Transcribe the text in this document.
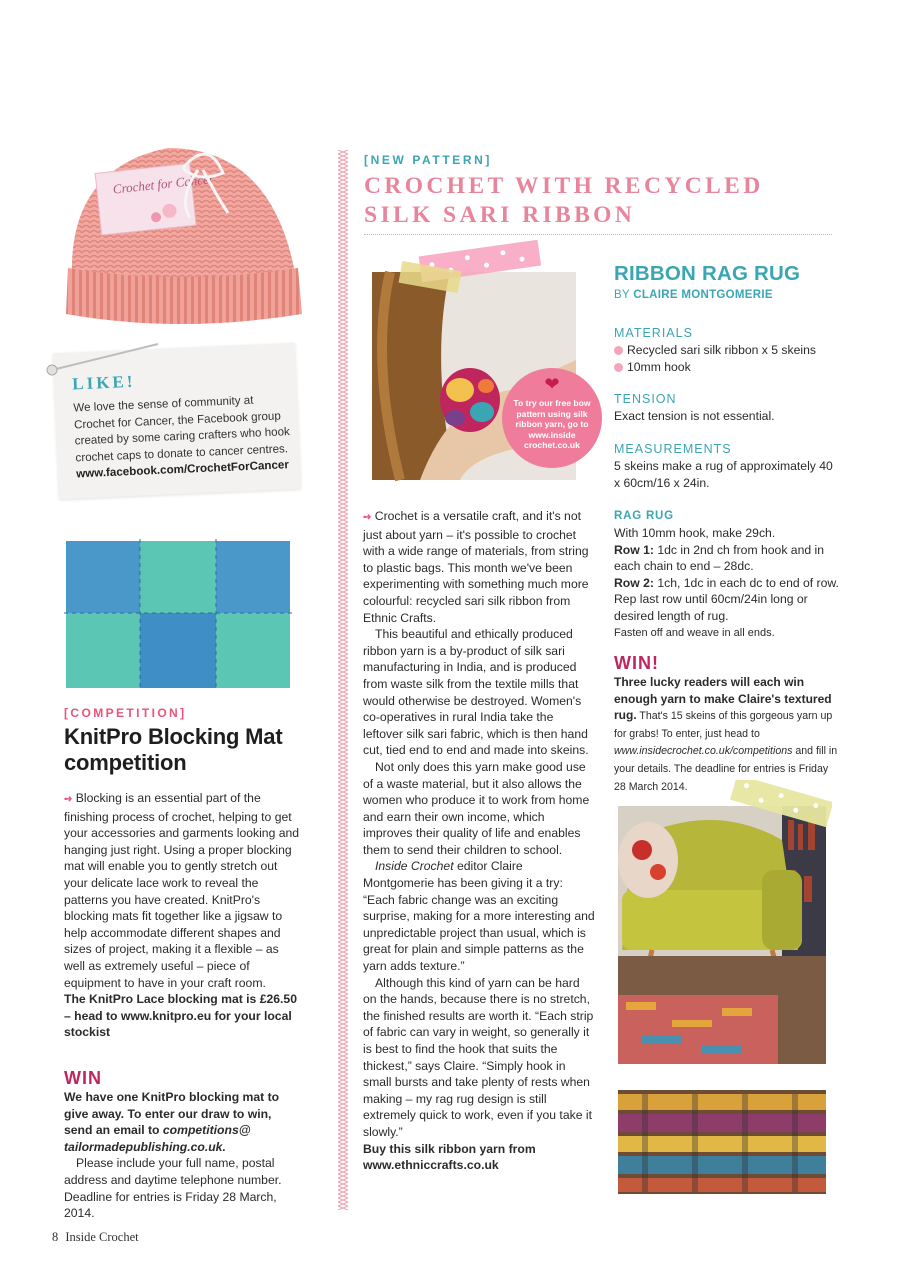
Crochet for Cancer
LIKE!
We love the sense of community at Crochet for Cancer, the Facebook group created by some caring crafters who hook crochet caps to donate to cancer centres. www.facebook.com/CrochetForCancer
[COMPETITION]
KnitPro Blocking Mat competition

➺ Blocking is an essential part of the finishing process of crochet, helping to get your accessories and garments looking and hanging just right. Using a proper blocking mat will enable you to gently stretch out your delicate lace work to reveal the patterns you have created. KnitPro's blocking mats fit together like a jigsaw to help accommodate different shapes and sizes of project, making it a flexible – as well as extremely useful – piece of equipment to have in your craft room.

The KnitPro Lace blocking mat is £26.50 – head to www.knitpro.eu for your local stockist

WIN

We have one KnitPro blocking mat to give away. To enter our draw to win, send an email to competitions@ tailormadepublishing.co.uk.

Please include your full name, postal address and daytime telephone number. Deadline for entries is Friday 28 March, 2014.

[NEW PATTERN]
CROCHET WITH RECYCLED SILK SARI RIBBON
❤
To try our free bow pattern using silk ribbon yarn, go to www.inside crochet.co.uk

➺ Crochet is a versatile craft, and it's not just about yarn – it's possible to crochet with a wide range of materials, from string to plastic bags. This month we've been experimenting with something much more colourful: recycled sari silk ribbon from Ethnic Crafts.

This beautiful and ethically produced ribbon yarn is a by-product of silk sari manufacturing in India, and is produced from waste silk from the textile mills that would otherwise be destroyed. Women's co-operatives in rural India take the leftover silk sari fabric, which is then hand cut, tied end to end and made into skeins.

Not only does this yarn make good use of a waste material, but it also allows the women who produce it to work from home and earn their own income, which improves their quality of life and enables them to send their children to school.

Inside Crochet editor Claire Montgomerie has been giving it a try: “Each fabric change was an exciting surprise, making for a more interesting and unpredictable project than usual, which is great for plain and simple patterns as the yarn adds texture.”

Although this kind of yarn can be hard on the hands, because there is no stretch, the finished results are worth it. “Each strip of fabric can vary in weight, so generally it is best to find the hook that suits the thickest,” says Claire. “Simply hook in small bursts and take plenty of rests when making – my rag rug design is still extremely quick to work, even if you take it slowly.”

Buy this silk ribbon yarn from www.ethniccrafts.co.uk

RIBBON RAG RUG
BY CLAIRE MONTGOMERIE
MATERIALS
Recycled sari silk ribbon x 5 skeins
10mm hook
TENSION
Exact tension is not essential.
MEASUREMENTS
5 skeins make a rug of approximately 40 x 60cm/16 x 24in.
RAG RUG

With 10mm hook, make 29ch.

Row 1: 1dc in 2nd ch from hook and in each chain to end – 28dc.

Row 2: 1ch, 1dc in each dc to end of row.

Rep last row until 60cm/24in long or desired length of rug.

Fasten off and weave in all ends.

WIN!
Three lucky readers will each win enough yarn to make Claire's textured rug. That's 15 skeins of this gorgeous yarn up for grabs! To enter, just head to www.insidecrochet.co.uk/competitions and fill in your details. The deadline for entries is Friday 28 March 2014.
8 Inside Crochet
